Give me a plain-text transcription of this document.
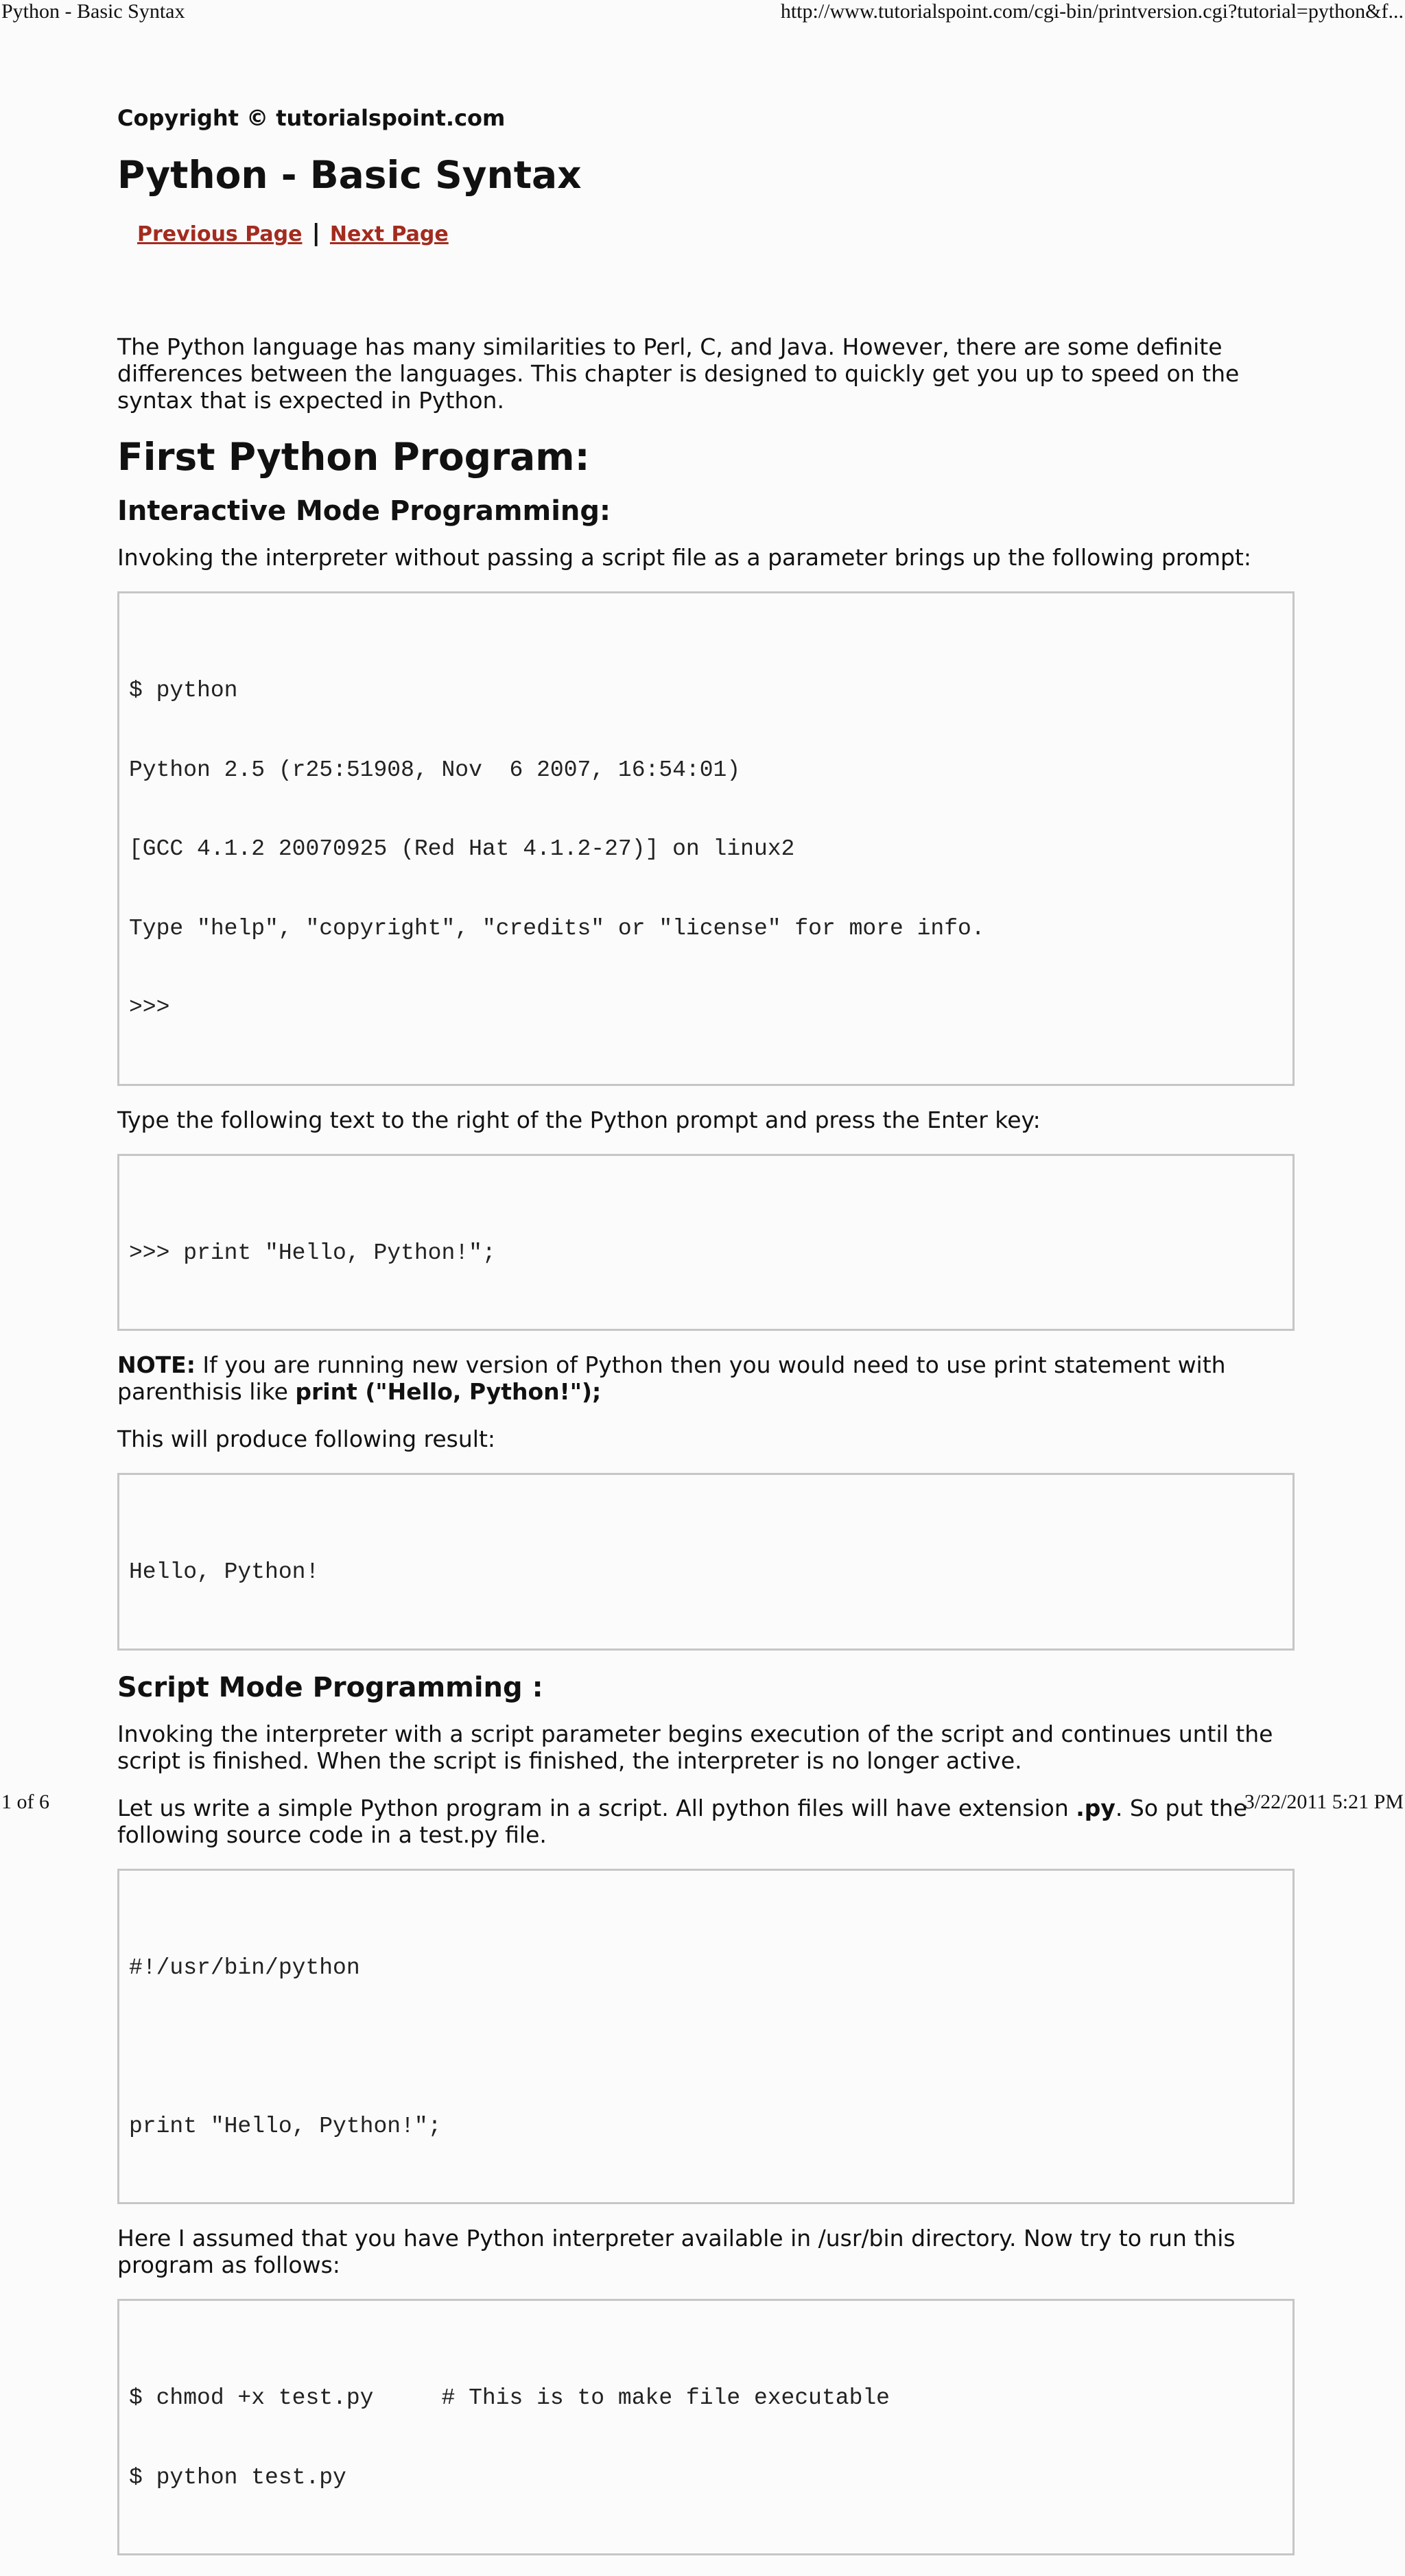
Python - Basic Syntax	http://www.tutorialspoint.com/cgi-bin/printversion.cgi?tutorial=python&f...
Copyright © tutorialspoint.com
Python - Basic Syntax
Previous Page | Next Page

The Python language has many similarities to Perl, C, and Java. However, there are some definite differences between the languages. This chapter is designed to quickly get you up to speed on the syntax that is expected in Python.

First Python Program:
Interactive Mode Programming:

Invoking the interpreter without passing a script file as a parameter brings up the following prompt:

$ python

Python 2.5 (r25:51908, Nov  6 2007, 16:54:01)

[GCC 4.1.2 20070925 (Red Hat 4.1.2-27)] on linux2

Type "help", "copyright", "credits" or "license" for more info.

>>>

Type the following text to the right of the Python prompt and press the Enter key:

>>> print "Hello, Python!";

NOTE: If you are running new version of Python then you would need to use print statement with parenthisis like print ("Hello, Python!");

This will produce following result:

Hello, Python!

Script Mode Programming :

Invoking the interpreter with a script parameter begins execution of the script and continues until the script is finished. When the script is finished, the interpreter is no longer active.

Let us write a simple Python program in a script. All python files will have extension .py. So put the following source code in a test.py file.

#!/usr/bin/python

print "Hello, Python!";

Here I assumed that you have Python interpreter available in /usr/bin directory. Now try to run this program as follows:

$ chmod +x test.py     # This is to make file executable

$ python test.py

1 of 6	3/22/2011 5:21 PM
